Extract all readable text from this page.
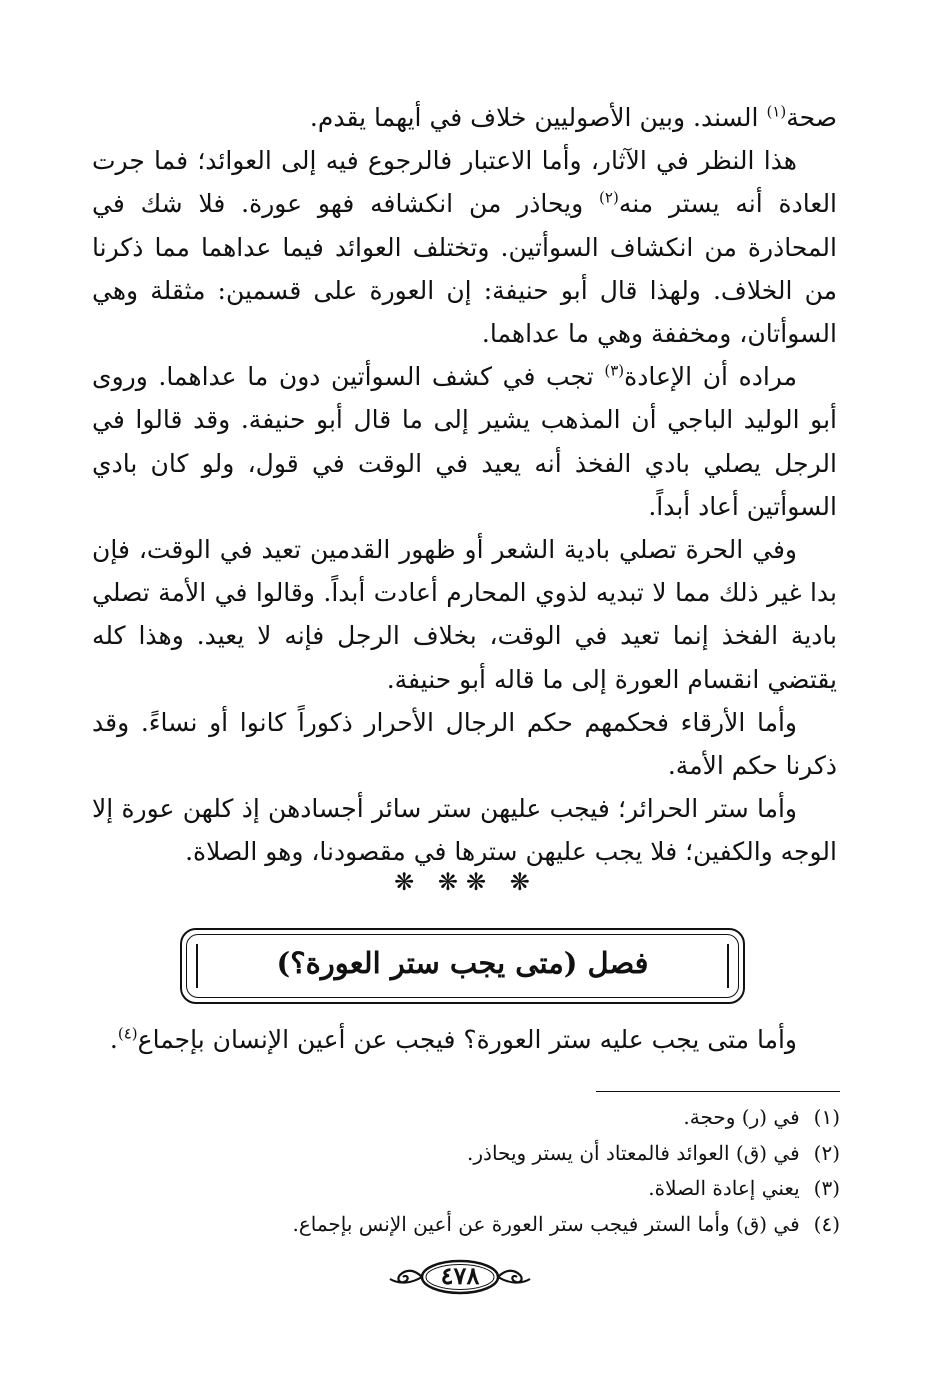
صحة$^{(١)}$ السند. وبين الأصوليين خلاف في أيهما يقدم.

هذا النظر في الآثار، وأما الاعتبار فالرجوع فيه إلى العوائد؛ فما جرت العادة أنه يستر منه$^{(٢)}$ ويحاذر من انكشافه فهو عورة. فلا شك في المحاذرة من انكشاف السوأتين. وتختلف العوائد فيما عداهما مما ذكرنا من الخلاف. ولهذا قال أبو حنيفة: إن العورة على قسمين: مثقلة وهي السوأتان، ومخففة وهي ما عداهما.

مراده أن الإعادة$^{(٣)}$ تجب في كشف السوأتين دون ما عداهما. وروى أبو الوليد الباجي أن المذهب يشير إلى ما قال أبو حنيفة. وقد قالوا في الرجل يصلي بادي الفخذ أنه يعيد في الوقت في قول، ولو كان بادي السوأتين أعاد أبداً.

وفي الحرة تصلي بادية الشعر أو ظهور القدمين تعيد في الوقت، فإن بدا غير ذلك مما لا تبديه لذوي المحارم أعادت أبداً. وقالوا في الأمة تصلي بادية الفخذ إنما تعيد في الوقت، بخلاف الرجل فإنه لا يعيد. وهذا كله يقتضي انقسام العورة إلى ما قاله أبو حنيفة.

وأما الأرقاء فحكمهم حكم الرجال الأحرار ذكوراً كانوا أو نساءً. وقد ذكرنا حكم الأمة.

وأما ستر الحرائر؛ فيجب عليهن ستر سائر أجسادهن إذ كلهن عورة إلا الوجه والكفين؛ فلا يجب عليهن سترها في مقصودنا، وهو الصلاة.

❋ ❋❋ ❋
فصل (متى يجب ستر العورة؟)
وأما متى يجب عليه ستر العورة؟ فيجب عن أعين الإنسان بإجماع$^{(٤)}$.

(١) في (ر) وحجة.

(٢) في (ق) العوائد فالمعتاد أن يستر ويحاذر.

(٣) يعني إعادة الصلاة.

(٤) في (ق) وأما الستر فيجب ستر العورة عن أعين الإنس بإجماع.

٤٧٨
